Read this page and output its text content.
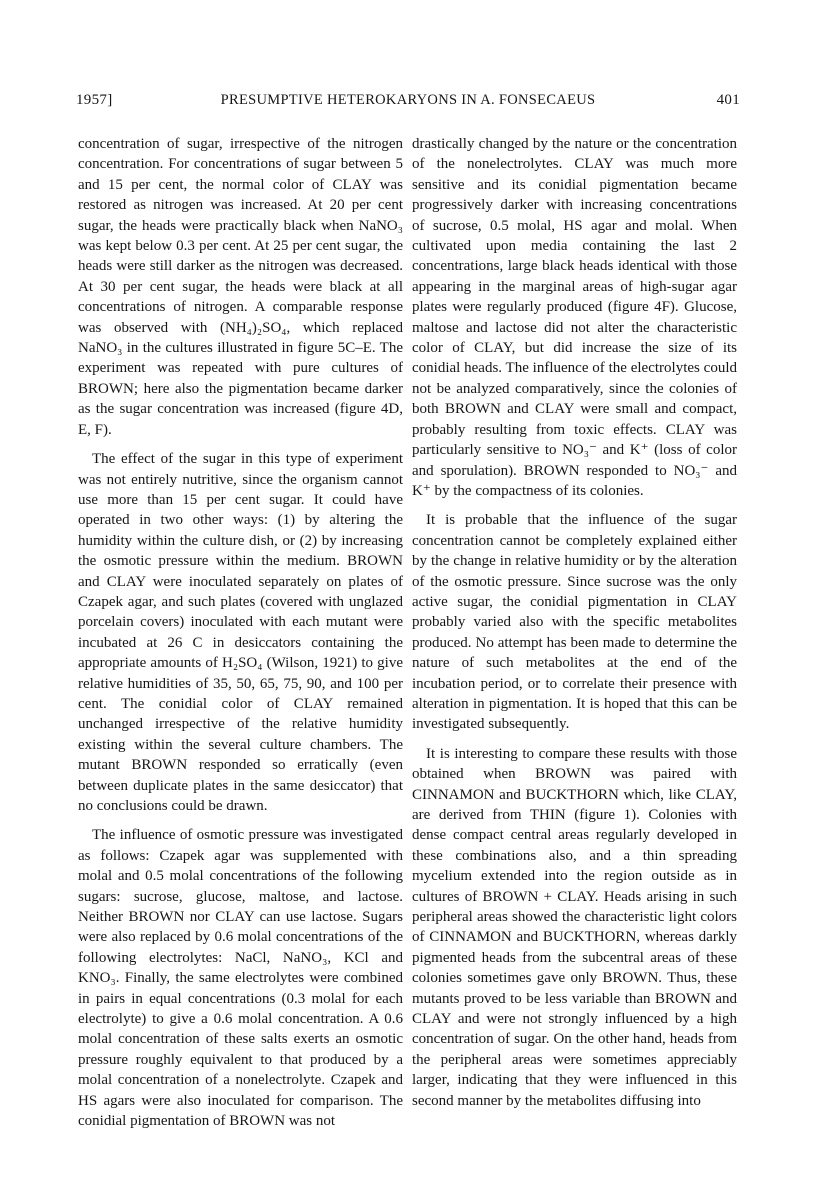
1957]	PRESUMPTIVE HETEROKARYONS IN A. FONSECAEUS	401

concentration of sugar, irrespective of the nitrogen concentration. For concentrations of sugar between 5 and 15 per cent, the normal color of CLAY was restored as nitrogen was increased. At 20 per cent sugar, the heads were practically black when NaNO₃ was kept below 0.3 per cent. At 25 per cent sugar, the heads were still darker as the nitrogen was decreased. At 30 per cent sugar, the heads were black at all concentrations of nitrogen. A comparable response was observed with (NH₄)₂SO₄, which replaced NaNO₃ in the cultures illustrated in figure 5C–E. The experiment was repeated with pure cultures of BROWN; here also the pigmentation became darker as the sugar concentration was increased (figure 4D, E, F).

The effect of the sugar in this type of experiment was not entirely nutritive, since the organism cannot use more than 15 per cent sugar. It could have operated in two other ways: (1) by altering the humidity within the culture dish, or (2) by increasing the osmotic pressure within the medium. BROWN and CLAY were inoculated separately on plates of Czapek agar, and such plates (covered with unglazed porcelain covers) inoculated with each mutant were incubated at 26 C in desiccators containing the appropriate amounts of H₂SO₄ (Wilson, 1921) to give relative humidities of 35, 50, 65, 75, 90, and 100 per cent. The conidial color of CLAY remained unchanged irrespective of the relative humidity existing within the several culture chambers. The mutant BROWN responded so erratically (even between duplicate plates in the same desiccator) that no conclusions could be drawn.

The influence of osmotic pressure was investigated as follows: Czapek agar was supplemented with molal and 0.5 molal concentrations of the following sugars: sucrose, glucose, maltose, and lactose. Neither BROWN nor CLAY can use lactose. Sugars were also replaced by 0.6 molal concentrations of the following electrolytes: NaCl, NaNO₃, KCl and KNO₃. Finally, the same electrolytes were combined in pairs in equal concentrations (0.3 molal for each electrolyte) to give a 0.6 molal concentration. A 0.6 molal concentration of these salts exerts an osmotic pressure roughly equivalent to that produced by a molal concentration of a nonelectrolyte. Czapek and HS agars were also inoculated for comparison. The conidial pigmentation of BROWN was not

drastically changed by the nature or the concentration of the nonelectrolytes. CLAY was much more sensitive and its conidial pigmentation became progressively darker with increasing concentrations of sucrose, 0.5 molal, HS agar and molal. When cultivated upon media containing the last 2 concentrations, large black heads identical with those appearing in the marginal areas of high-sugar agar plates were regularly produced (figure 4F). Glucose, maltose and lactose did not alter the characteristic color of CLAY, but did increase the size of its conidial heads. The influence of the electrolytes could not be analyzed comparatively, since the colonies of both BROWN and CLAY were small and compact, probably resulting from toxic effects. CLAY was particularly sensitive to NO₃⁻ and K⁺ (loss of color and sporulation). BROWN responded to NO₃⁻ and K⁺ by the compactness of its colonies.

It is probable that the influence of the sugar concentration cannot be completely explained either by the change in relative humidity or by the alteration of the osmotic pressure. Since sucrose was the only active sugar, the conidial pigmentation in CLAY probably varied also with the specific metabolites produced. No attempt has been made to determine the nature of such metabolites at the end of the incubation period, or to correlate their presence with alteration in pigmentation. It is hoped that this can be investigated subsequently.

It is interesting to compare these results with those obtained when BROWN was paired with CINNAMON and BUCKTHORN which, like CLAY, are derived from THIN (figure 1). Colonies with dense compact central areas regularly developed in these combinations also, and a thin spreading mycelium extended into the region outside as in cultures of BROWN + CLAY. Heads arising in such peripheral areas showed the characteristic light colors of CINNAMON and BUCKTHORN, whereas darkly pigmented heads from the subcentral areas of these colonies sometimes gave only BROWN. Thus, these mutants proved to be less variable than BROWN and CLAY and were not strongly influenced by a high concentration of sugar. On the other hand, heads from the peripheral areas were sometimes appreciably larger, indicating that they were influenced in this second manner by the metabolites diffusing into
